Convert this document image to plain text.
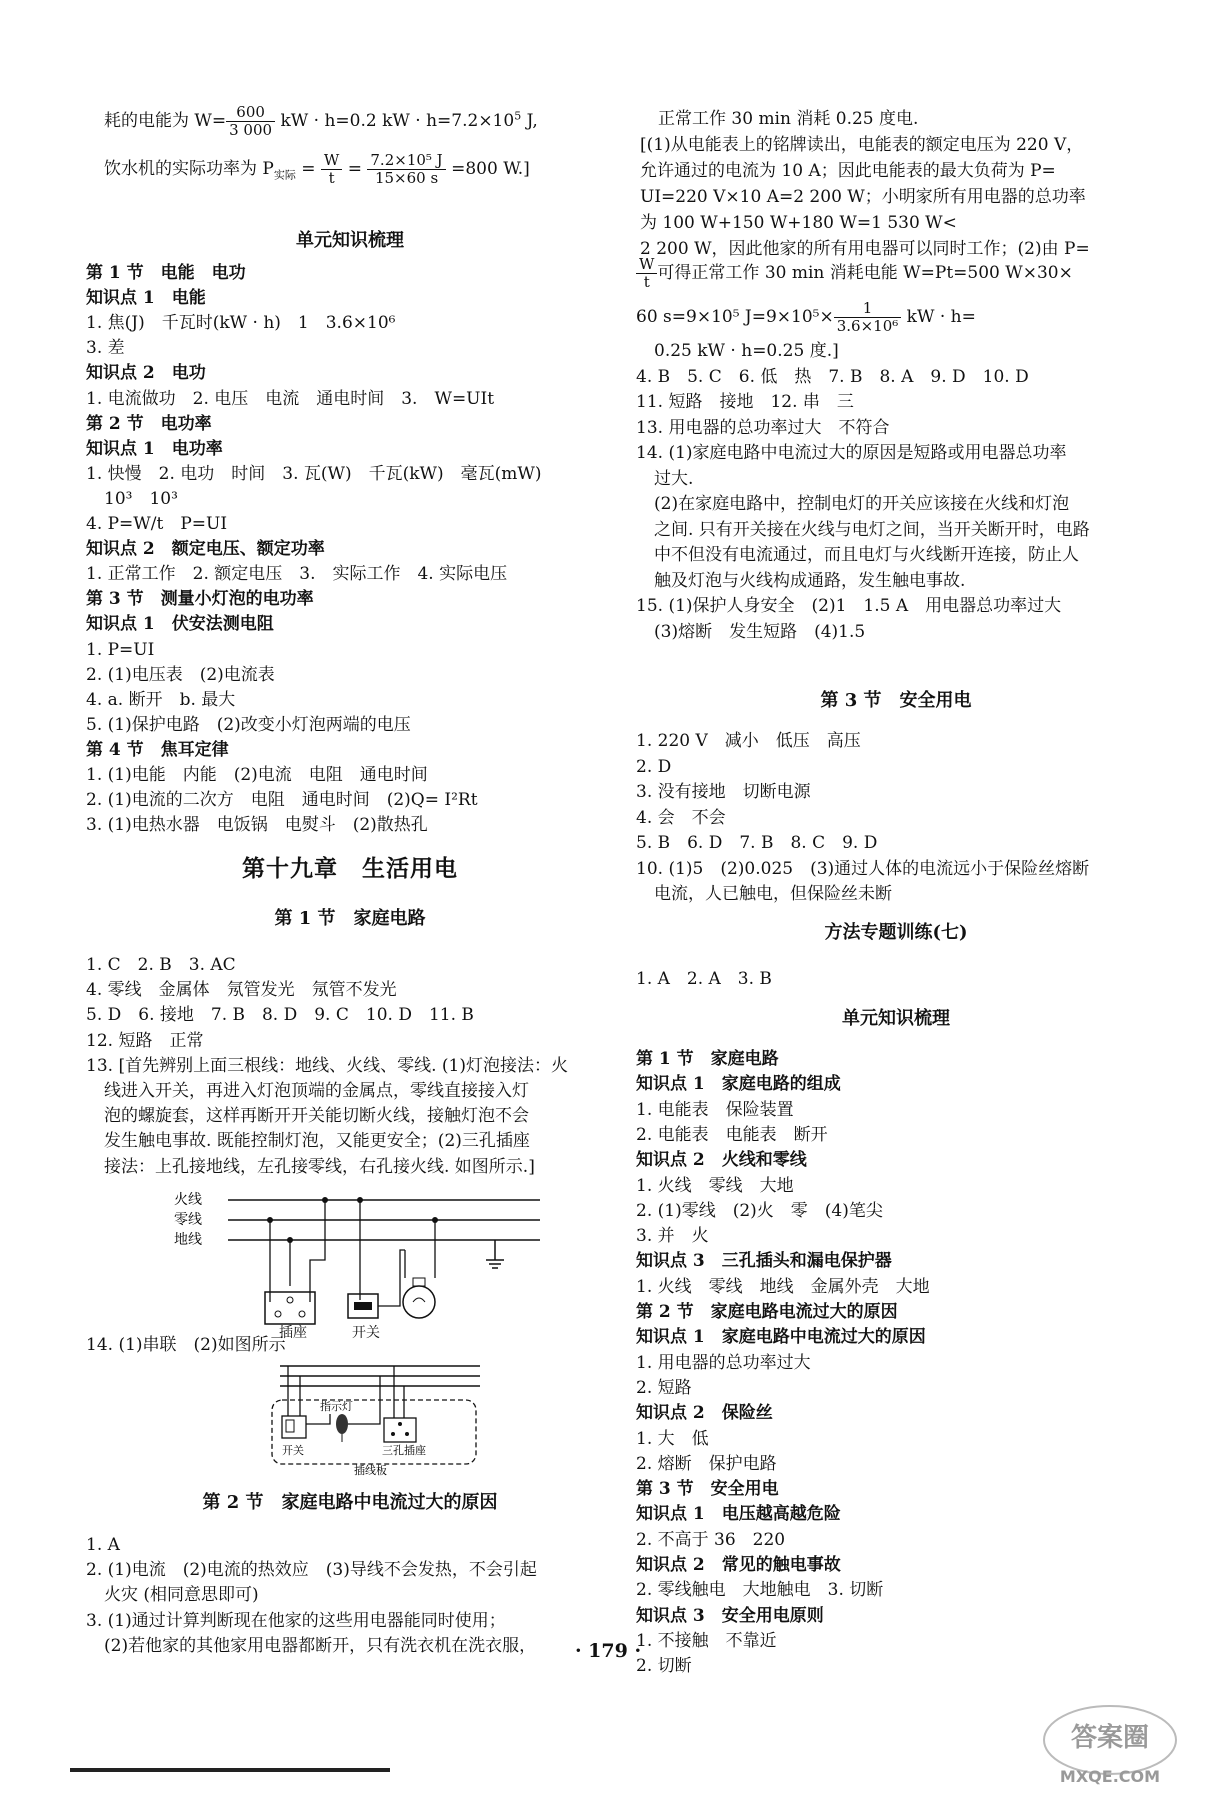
耗的电能为 $W= \frac{600}{3 000}$ kW · h=0.2 kW · $h=7.2\times 10^5$ J,
饮水机的实际功率为 $P_{实际} = \frac{W}{t} = \frac{\text{7.2×10⁵ J}}{15\times 60 s} =800$ W.]
单元知识梳理
第 1 节　电能　电功
知识点 1　电能
1. 焦(J)　千瓦时(kW · h)　1　3.6×10⁶
3. 差
知识点 2　电功
1. 电流做功　2. 电压　电流　通电时间　3.　W=UIt
第 2 节　电功率
知识点 1　电功率
1. 快慢　2. 电功　时间　3. 瓦(W)　千瓦(kW)　毫瓦(mW)
10³　10³
4. P=W/t　P=UI
知识点 2　额定电压、额定功率
1. 正常工作　2. 额定电压　3.　实际工作　4. 实际电压
第 3 节　测量小灯泡的电功率
知识点 1　伏安法测电阻
1. P=UI
2. (1)电压表　(2)电流表
4. a. 断开　b. 最大
5. (1)保护电路　(2)改变小灯泡两端的电压
第 4 节　焦耳定律
1. (1)电能　内能　(2)电流　电阻　通电时间
2. (1)电流的二次方　电阻　通电时间　(2)Q= I²Rt
3. (1)电热水器　电饭锅　电熨斗　(2)散热孔
第十九章　生活用电
第 1 节　家庭电路
1. C　2. B　3. AC
4. 零线　金属体　氖管发光　氖管不发光
5. D　6. 接地　7. B　8. D　9. C　10. D　11. B
12. 短路　正常
13. [首先辨别上面三根线：地线、火线、零线. (1)灯泡接法：火
线进入开关，再进入灯泡顶端的金属点，零线直接接入灯
泡的螺旋套，这样再断开开关能切断火线，接触灯泡不会
发生触电事故. 既能控制灯泡，又能更安全；(2)三孔插座
接法：上孔接地线，左孔接零线，右孔接火线. 如图所示.]
火线
零线
地线
插座	开关
14. (1)串联　(2)如图所示
指示灯
开关	三孔插座
插线板
第 2 节　家庭电路中电流过大的原因
1. A
2. (1)电流　(2)电流的热效应　(3)导线不会发热，不会引起
火灾 (相同意思即可)
3. (1)通过计算判断现在他家的这些用电器能同时使用；
(2)若他家的其他家用电器都断开，只有洗衣机在洗衣服，
正常工作 30 min 消耗 0.25 度电.
[(1)从电能表上的铭牌读出，电能表的额定电压为 220 V，
允许通过的电流为 10 A；因此电能表的最大负荷为 P=
UI=220 V×10 A=2 200 W；小明家所有用电器的总功率
为 100 W+150 W+180 W=1 530 W<
2 200 W，因此他家的所有用电器可以同时工作；(2)由 P=
$\frac{W}{t}$ 可得正常工作 30 min 消耗电能 W=Pt=500 W×30×
60 s=9×10⁵ $J=9\times 10^5\times \frac{1}{\text{3.6×10⁶}}$ kW · h=
0.25 kW · h=0.25 度.]
4. B　5. C　6. 低　热　7. B　8. A　9. D　10. D
11. 短路　接地　12. 串　三
13. 用电器的总功率过大　不符合
14. (1)家庭电路中电流过大的原因是短路或用电器总功率
过大.
(2)在家庭电路中，控制电灯的开关应该接在火线和灯泡
之间. 只有开关接在火线与电灯之间，当开关断开时，电路
中不但没有电流通过，而且电灯与火线断开连接，防止人
触及灯泡与火线构成通路，发生触电事故.
15. (1)保护人身安全　(2)1　1.5 A　用电器总功率过大
(3)熔断　发生短路　(4)1.5
第 3 节　安全用电
1. 220 V　减小　低压　高压
2. D
3. 没有接地　切断电源
4. 会　不会
5. B　6. D　7. B　8. C　9. D
10. (1)5　(2)0.025　(3)通过人体的电流远小于保险丝熔断
电流，人已触电，但保险丝未断
方法专题训练(七)
1. A　2. A　3. B
单元知识梳理
第 1 节　家庭电路
知识点 1　家庭电路的组成
1. 电能表　保险装置
2. 电能表　电能表　断开
知识点 2　火线和零线
1. 火线　零线　大地
2. (1)零线　(2)火　零　(4)笔尖
3. 并　火
知识点 3　三孔插头和漏电保护器
1. 火线　零线　地线　金属外壳　大地
第 2 节　家庭电路电流过大的原因
知识点 1　家庭电路中电流过大的原因
1. 用电器的总功率过大
2. 短路
知识点 2　保险丝
1. 大　低
2. 熔断　保护电路
第 3 节　安全用电
知识点 1　电压越高越危险
2. 不高于 36　220
知识点 2　常见的触电事故
2. 零线触电　大地触电　3. 切断
知识点 3　安全用电原则
1. 不接触　不靠近
2. 切断
· 179 ·
答案圈
MXQE.COM
